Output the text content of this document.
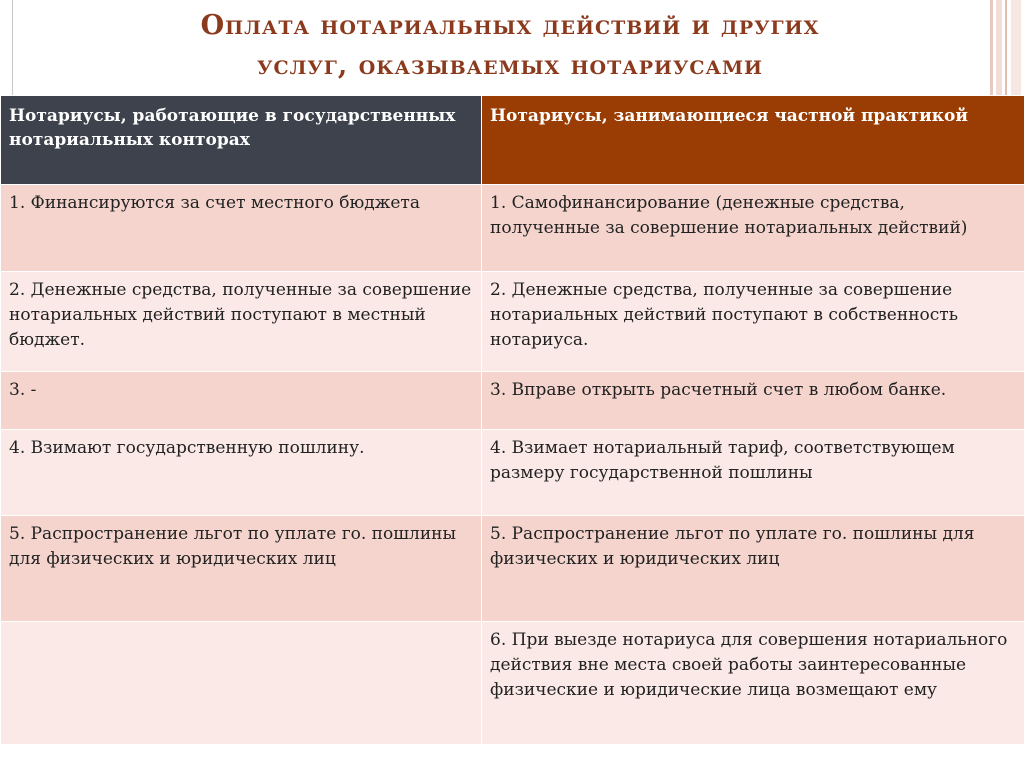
Оплата нотариальных действий и других
услуг, оказываемых нотариусами
Нотариусы, работающие в государственных нотариальных конторах	Нотариусы, занимающиеся частной практикой
1. Финансируются за счет местного бюджета	1. Самофинансирование (денежные средства, полученные за совершение нотариальных действий)
2. Денежные средства, полученные за совершение нотариальных действий поступают в местный бюджет.	2. Денежные средства, полученные за совершение нотариальных действий поступают в собственность нотариуса.
3. -	3. Вправе открыть расчетный счет в любом банке.
4. Взимают государственную пошлину.	4. Взимает нотариальный тариф, соответствующем размеру государственной пошлины
5. Распространение льгот по уплате го. пошлины для физических и юридических лиц	5. Распространение льгот по уплате го. пошлины для физических и юридических лиц
	6. При выезде нотариуса для совершения нотариального действия вне места своей работы заинтересованные физические и юридические лица возмещают ему
